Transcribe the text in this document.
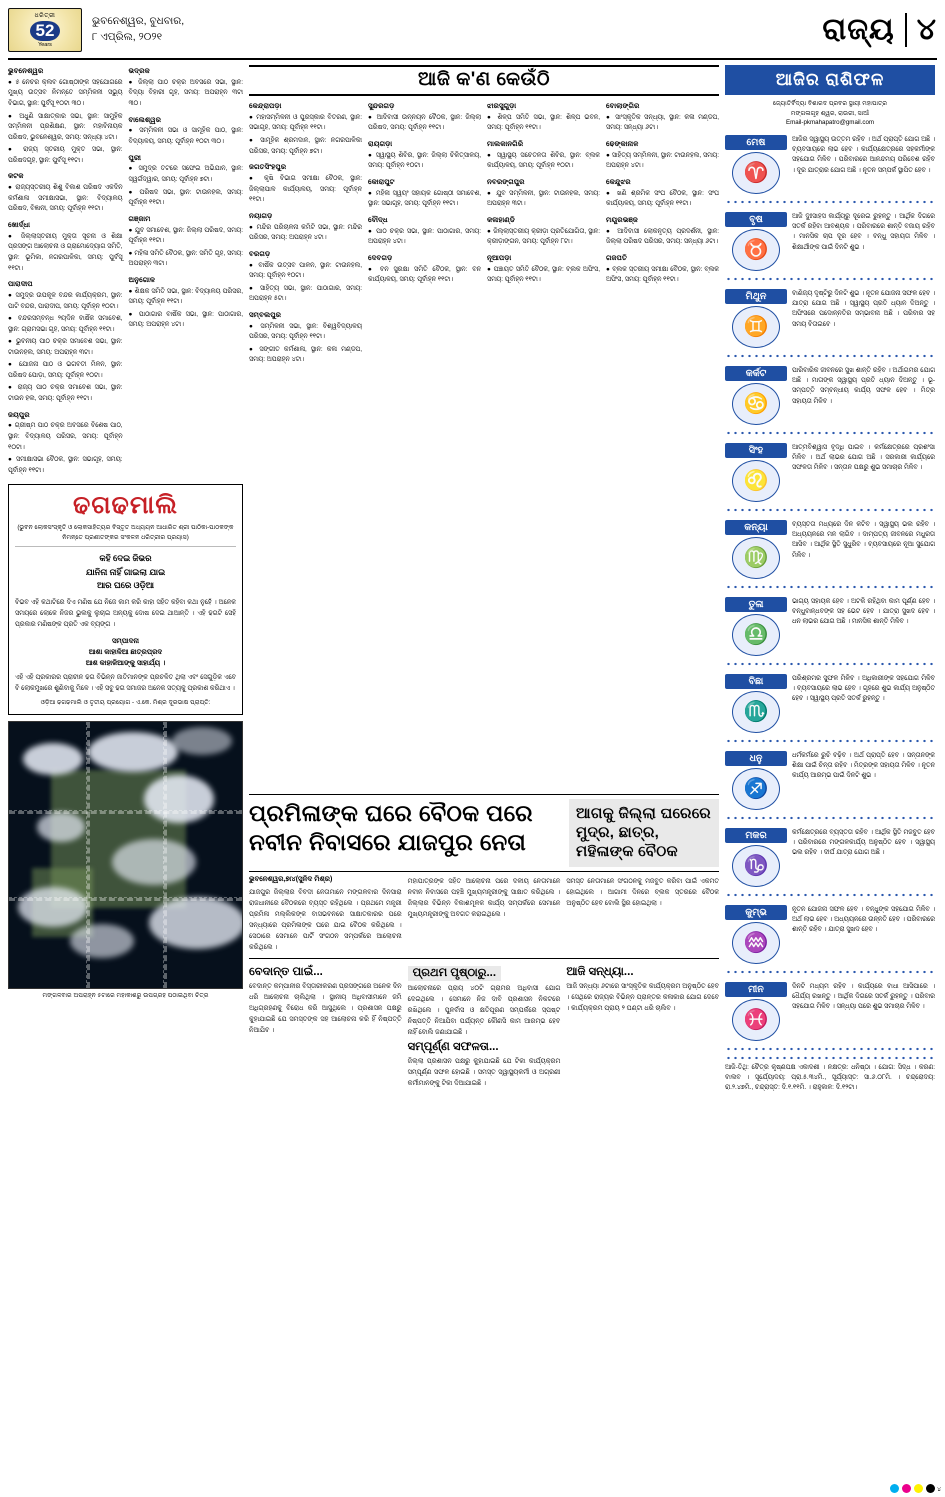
ଧରିତ୍ରୀ
52
Years
ଭୁବନେଶ୍ୱର, ବୁଧବାର,
୮ ଏପ୍ରିଲ, ୨୦୨୧	ରାଜ୍ୟ ୪
ଭୁବନେଶ୍ୱର
● ୫ ନେଚର କ୍ଲବ ଗୋଷ୍ଠୀଙ୍କ ସହଯୋଗରେ ମୁଖ୍ୟ ଉତ୍ସବ ନିମନ୍ତେ ସମ୍ମିଳନୀ ସଭ୍ୟୁ ବିଭାଗ, ସ୍ଥାନ: ପୁର୍ବସୂ ୧୦ଟା ୩୦।
● ଅଧୁଣି ସାକ୍ଷାତ୍କାର ସଭା, ସ୍ଥାନ: ସାମୁହିକ ସମ୍ମିଳନୀ ପ୍ରଶିକ୍ଷଣ, ସ୍ଥାନ: ମହାବିନାୟକ ପରିଷଦ, ଭୁବନେଶ୍ୱର, ସମୟ: ସନ୍ଧ୍ୟା ୪ଟା।
● ରାଜ୍ୟ ସ୍ତରୀୟ ମୁକ୍ତ ସଭା, ସ୍ଥାନ: ପରିଷଦଗୃହ, ସ୍ଥାନ: ପୁର୍ବସୂ ୧୧ଟା।
କଟକ
● ରାଜ୍ୟସ୍ତରୀୟ ଶିଶୁ ବିକାଶ ପରିଷଦ ଏକଦିନ କର୍ମଶାଳା ସମୀକ୍ଷାସଭା, ସ୍ଥାନ: ବିଦ୍ୟାଳୟ ପରିଷଦ, ବିଜ୍ଞାନୀ, ସମୟ: ପୂର୍ବାହ୍ନ ୧୧ଟା।
ଖୋର୍ଦ୍ଧା
● ଜିଲ୍ଲାସ୍ତରୀୟ ମୁକ୍ତା ସୂଚନା ଓ ଶିକ୍ଷା ପ୍ରସଙ୍ଗ ଆଲୋଚନା ଓ ଗ୍ରାମୋଦ୍ୟୋଗ ସମିତି, ସ୍ଥାନ: ଭୂମିକା, ନଗରପାଳିକା, ସମୟ: ପୁର୍ବସୂ ୧୧ଟା।
ପାରାଦୀପ
● ସମୁଦ୍ର ଉପକୂଳ ବନ୍ଦର କାର୍ଯ୍ୟକ୍ରମ, ସ୍ଥାନ: ପାଟି ବନ୍ଦର, ପାରାଦୀପ, ସମୟ: ପୂର୍ବାହ୍ନ ୧୦ଟା।
● ବନ୍ଦରସମ୍ବନ୍ଧ ୨ୟଦିନ ବାର୍ଷିକ ସମାବେଶ, ସ୍ଥାନ: ଗ୍ରାମସଭା ଗୃହ, ସମୟ: ପୂର୍ବାହ୍ନ ୧୧ଟା।
● ଭୁବନୀୟ ପାଠ ଚକ୍ର ସମାବେଶ ସଭା, ସ୍ଥାନ: ଟାଉନହଲ, ସମୟ: ଅପରାହ୍ନ ୩ଟା।
● ଯୋଜନା ପାଠ ଓ ଭଗବତୀ ମିଳନ, ସ୍ଥାନ: ପରିଷଦ ପୋଡ଼ା, ସମୟ: ପୂର୍ବାହ୍ନ ୧୦ଟା।
● ରାଜ୍ୟ ପାଠ ଚକ୍ର ସମାବେଶ ସଭା, ସ୍ଥାନ: ଟାଉନ ହଲ, ସମୟ: ପୂର୍ବାହ୍ନ ୧୧ଟା।
ଜୟପୁର
● ଗ୍ରୀଷ୍ମ ପାଠ ଚକ୍ର ଅବସରେ ବିଶେଷ ପାଠ, ସ୍ଥାନ: ବିଦ୍ୟାଳୟ ପରିସର, ସମୟ: ପୂର୍ବାହ୍ନ ୧୦ଟା।
● ସମୀକ୍ଷାସଭା ବୈଠକ, ସ୍ଥାନ: ସଭାଗୃହ, ସମୟ: ପୂର୍ବାହ୍ନ ୧୧ଟା।
ଭଦ୍ରକ
● ଜିଲ୍ଲା ପାଠ ଚକ୍ର ଅବସରେ ସଭା, ସ୍ଥାନ: ବିଦ୍ୟା ବିହାରୀ ଗୃହ, ସମୟ: ଅପରାହ୍ନ ୩ଟା ୩୦।
ବାଲେଶ୍ୱର
● ସମ୍ମିଳନୀ ସଭା ଓ ସାମୂହିକ ପାଠ, ସ୍ଥାନ: ବିଦ୍ୟାଳୟ, ସମୟ: ପୂର୍ବାହ୍ନ ୧୦ଟା ୩୦।
ପୁରୀ
● ସମୁଦ୍ର ତଟରେ ସଫେଇ ଅଭିଯାନ, ସ୍ଥାନ: ସ୍ୱର୍ଗଦ୍ୱାର, ସମୟ: ପୂର୍ବାହ୍ନ ୭ଟା।
● ପରିଷଦ ସଭା, ସ୍ଥାନ: ଟାଉନହଲ, ସମୟ: ପୂର୍ବାହ୍ନ ୧୧ଟା।
ଗଞ୍ଜାମ
● ଯୁବ ସମାବେଶ, ସ୍ଥାନ: ଜିଲ୍ଲା ପରିଷଦ, ସମୟ: ପୂର୍ବାହ୍ନ ୧୧ଟା।
● ମହିଳା ସମିତି ବୈଠକ, ସ୍ଥାନ: ସମିତି ଗୃହ, ସମୟ: ଅପରାହ୍ନ ୩ଟା।
ଅନୁଗୋଳ
● ଶିକ୍ଷକ ସମିତି ସଭା, ସ୍ଥାନ: ବିଦ୍ୟାଳୟ ପରିସର, ସମୟ: ପୂର୍ବାହ୍ନ ୧୧ଟା।
● ପାଠାଗାର ବାର୍ଷିକ ସଭା, ସ୍ଥାନ: ପାଠାଗାର, ସମୟ: ଅପରାହ୍ନ ୪ଟା।
ଢଗଢମାଲି
(ଭୁବନ ଲୋକସଂସ୍କୃତି ଓ ଲୋକସାହିତ୍ୟର ବିସ୍ତୃତ ଅଧ୍ୟୟନ ଆଧାରିତ ଶ୍ରୀ ପାଠିକା-ପାଠକଙ୍କ ନିମନ୍ତେ ପ୍ରଣୀତଙ୍କର ସଂକଳନ ଧରିତ୍ରୀର ପ୍ରୟାସ)
କହି ଦେଇ ଜିଭର
ଯାନିନା ନାହିଁ ଗାଇଲା ଯାଇ
ଆର ଘରେ ଓଡ଼ିଆ
ବିଭବ ଏହି କଥାଟିରେ ଦିଏ ମଣିଷ ଯେ ନିଜେ କାମ କରି କାହା ସହିତ କହିବା କଥା ନୁହେଁ । ଅନେକ ସମୟରେ ଲୋକେ ନିଜର ଭୁଲକୁ ଲୁଚାଇ ଅନ୍ୟକୁ ଦୋଷ ଦେଇ ଥାଆନ୍ତି । ଏହି ଢଗଟି ସେହି ପ୍ରକାର ମଣିଷଙ୍କ ପ୍ରତି ଏକ ବ୍ୟଙ୍ଗ ।
ସମ୍ପାଦନା
ଆଶା କାହାଳିଆ ଛାତ୍ରପ୍ରଦ
ଆଶ କାହାଳିଆଙ୍କୁ ସାହାର୍ଯ୍ୟ ।
ଏହି ଏହି ପ୍ରକାରର ପ୍ରାଚୀନ ଢଗ ବିଭିନ୍ନ ଜାତିମାନଙ୍କ ପ୍ରଚଳିତ ଥିଲା ଏବଂ ସେଗୁଡ଼ିକ ଏବେ ବି ଲୋକମୁଖରେ ଶୁଣିବାକୁ ମିଳେ । ଏହି ସବୁ ଢଗ ସମାଜର ଅନେକ ସତ୍ୟକୁ ପ୍ରକାଶ କରିଥାଏ ।
ଓଡ଼ିଆ ଢଗଢମାଲି ଓ ତୃତୀୟ ପ୍ରୟୋଗ - ଏ.କେ. ମିଶ୍ର ଦୂରଭାଷ ପ୍ରାପ୍ତି:
ମଙ୍ଗଳବାର ଅପରାହ୍ନ ୫ଟାରେ ମହାକାଶରୁ ଉପଗ୍ରହ ପଠାଇଥିବା ଚିତ୍ର
ଆଜି କ'ଣ କେଉଁଠି
କେନ୍ଦ୍ରାପଡ଼ା
● ମହାସମ୍ମିଳନୀ ଓ ପୁରସ୍କାର ବିତରଣ, ସ୍ଥାନ: ସଭାଗୃହ, ସମୟ: ପୂର୍ବାହ୍ନ ୧୧ଟା।
● ସାମୂହିକ ଶ୍ରମଦାନ, ସ୍ଥାନ: ନଗରପାଳିକା ପରିସର, ସମୟ: ପୂର୍ବାହ୍ନ ୭ଟା।
ଜଗତସିଂହପୁର
● କୃଷି ବିଭାଗ ସମୀକ୍ଷା ବୈଠକ, ସ୍ଥାନ: ଜିଲ୍ଲାପାଳ କାର୍ଯ୍ୟାଳୟ, ସମୟ: ପୂର୍ବାହ୍ନ ୧୧ଟା।
ନୟାଗଡ଼
● ମନ୍ଦିର ପରିଚାଳନା କମିଟି ସଭା, ସ୍ଥାନ: ମନ୍ଦିର ପରିସର, ସମୟ: ଅପରାହ୍ନ ୪ଟା।
ବରଗଡ଼
● ବାର୍ଷିକ ଉତ୍ସବ ପାଳନ, ସ୍ଥାନ: ଟାଉନହଲ, ସମୟ: ପୂର୍ବାହ୍ନ ୧୦ଟା।
● ସାହିତ୍ୟ ସଭା, ସ୍ଥାନ: ପାଠାଗାର, ସମୟ: ଅପରାହ୍ନ ୫ଟା।
ସମ୍ବଲପୁର
● ସମ୍ମିଳନୀ ସଭା, ସ୍ଥାନ: ବିଶ୍ୱବିଦ୍ୟାଳୟ ପରିସର, ସମୟ: ପୂର୍ବାହ୍ନ ୧୧ଟା।
● ସଙ୍ଗୀତ କର୍ମଶାଳା, ସ୍ଥାନ: କଳା ମଣ୍ଡପ, ସମୟ: ଅପରାହ୍ନ ୪ଟା।
ସୁନ୍ଦରଗଡ଼
● ଆଦିବାସୀ ଉନ୍ନୟନ ବୈଠକ, ସ୍ଥାନ: ଜିଲ୍ଲା ପରିଷଦ, ସମୟ: ପୂର୍ବାହ୍ନ ୧୧ଟା।
ରାୟଗଡ଼ା
● ସ୍ୱାସ୍ଥ୍ୟ ଶିବିର, ସ୍ଥାନ: ଜିଲ୍ଲା ଚିକିତ୍ସାଳୟ, ସମୟ: ପୂର୍ବାହ୍ନ ୧୦ଟା।
କୋରାପୁଟ
● ମହିଳା ସ୍ୱୟଂ ସହାୟକ ଗୋଷ୍ଠୀ ସମାବେଶ, ସ୍ଥାନ: ସଭାଗୃହ, ସମୟ: ପୂର୍ବାହ୍ନ ୧୧ଟା।
ବୌଦ୍ଧ
● ପାଠ ଚକ୍ର ସଭା, ସ୍ଥାନ: ପାଠାଗାର, ସମୟ: ଅପରାହ୍ନ ୪ଟା।
ଦେବଗଡ଼
● ବନ ସୁରକ୍ଷା ସମିତି ବୈଠକ, ସ୍ଥାନ: ବନ କାର୍ଯ୍ୟାଳୟ, ସମୟ: ପୂର୍ବାହ୍ନ ୧୧ଟା।
ଝାରସୁଗୁଡ଼ା
● ଶିଳ୍ପ ସମିତି ସଭା, ସ୍ଥାନ: ଶିଳ୍ପ ଭବନ, ସମୟ: ପୂର୍ବାହ୍ନ ୧୧ଟା।
ମାଲକାନଗିରି
● ସ୍ୱାସ୍ଥ୍ୟ ସଚେତନତା ଶିବିର, ସ୍ଥାନ: ବ୍ଲକ କାର୍ଯ୍ୟାଳୟ, ସମୟ: ପୂର୍ବାହ୍ନ ୧୦ଟା।
ନବରଙ୍ଗପୁର
● ଯୁବ ସମ୍ମିଳନୀ, ସ୍ଥାନ: ଟାଉନହଲ, ସମୟ: ଅପରାହ୍ନ ୩ଟା।
କଳାହାଣ୍ଡି
● ଜିଲ୍ଲାସ୍ତରୀୟ କ୍ରୀଡ଼ା ପ୍ରତିଯୋଗିତା, ସ୍ଥାନ: କ୍ରୀଡ଼ାଙ୍ଗନ, ସମୟ: ପୂର୍ବାହ୍ନ ୮ଟା।
ନୂଆପଡ଼ା
● ପଞ୍ଚାୟତ ସମିତି ବୈଠକ, ସ୍ଥାନ: ବ୍ଲକ ଅଫିସ, ସମୟ: ପୂର୍ବାହ୍ନ ୧୧ଟା।
ବୋଲାଙ୍ଗିର
● ସାଂସ୍କୃତିକ ସନ୍ଧ୍ୟା, ସ୍ଥାନ: କଳା ମଣ୍ଡପ, ସମୟ: ସନ୍ଧ୍ୟା ୬ଟା।
ଢେଙ୍କାନାଳ
● ସାହିତ୍ୟ ସମ୍ମିଳନୀ, ସ୍ଥାନ: ଟାଉନହଲ, ସମୟ: ଅପରାହ୍ନ ୪ଟା।
କେନ୍ଦୁଝର
● ଖଣି ଶ୍ରମିକ ସଂଘ ବୈଠକ, ସ୍ଥାନ: ସଂଘ କାର୍ଯ୍ୟାଳୟ, ସମୟ: ପୂର୍ବାହ୍ନ ୧୧ଟା।
ମୟୂରଭଞ୍ଜ
● ଆଦିବାସୀ ଲୋକନୃତ୍ୟ ପ୍ରଦର୍ଶନୀ, ସ୍ଥାନ: ଜିଲ୍ଲା ପରିଷଦ ପରିସର, ସମୟ: ସନ୍ଧ୍ୟା ୬ଟା।
ଗଜପତି
● ବ୍ଲକ ସ୍ତରୀୟ ସମୀକ୍ଷା ବୈଠକ, ସ୍ଥାନ: ବ୍ଲକ ଅଫିସ, ସମୟ: ପୂର୍ବାହ୍ନ ୧୧ଟା।
ପ୍ରମିଳାଙ୍କ ଘରେ ବୈଠକ ପରେ ନବୀନ ନିବାସରେ ଯାଜପୁର ନେତା
ଆଗକୁ ଜିଲ୍ଲା ଘରେରେ ମୁଦ୍ର, ଛାତ୍ର, ମହିଳାଙ୍କ ବୈଠକ
ଭୁବନେଶ୍ୱର,୭ା୪(ସୁନିଦ ମିଶ୍ର)
ଯାଜପୁର ଜିଲ୍ଲାର ବିବଦୀ ନେତାମାନେ ମଙ୍ଗଳବାର ଦିନସାରା ରାଜଧାନୀରେ ବୈଠକରେ ବ୍ୟସ୍ତ ରହିଥିଲେ । ପ୍ରଥମେ ମନ୍ତ୍ରୀ ପ୍ରମିଳା ମଲ୍ଲିକଙ୍କ ବାସଭବନରେ ସାକ୍ଷାତକାରର ପରେ ସନ୍ଧ୍ୟାରେ ପ୍ରମିଳାଙ୍କ ଘରେ ଯାଇ ବୈଠକ କରିଥିଲେ । ସେଠାରେ ସେମାନେ ପାର୍ଟି ସଂଗଠନ ସମ୍ପର୍କରେ ଆଲୋଚନା କରିଥିଲେ ।
ମହାପାତ୍ରଙ୍କ ସହିତ ଆଲୋଚନା ପରେ ଦଳୀୟ ନେତାମାନେ ନବୀନ ନିବାସରେ ପହଞ୍ଚି ମୁଖ୍ୟମନ୍ତ୍ରୀଙ୍କୁ ସାକ୍ଷାତ କରିଥିଲେ । ଜିଲ୍ଲାର ବିଭିନ୍ନ ବିକାଶମୂଳକ କାର୍ଯ୍ୟ ସମ୍ପର୍କରେ ସେମାନେ ମୁଖ୍ୟମନ୍ତ୍ରୀଙ୍କୁ ଅବଗତ କରାଇଥିଲେ ।
ସମସ୍ତ ନେତାମାନେ ସଂଗଠନକୁ ମଜବୁତ କରିବା ପାଇଁ ଏକମତ ହୋଇଥିଲେ । ଆଗାମୀ ଦିନରେ ବ୍ଲକ ସ୍ତରରେ ବୈଠକ ଅନୁଷ୍ଠିତ ହେବ ବୋଲି ସ୍ଥିର ହୋଇଥିଲା ।
ବେଦାନ୍ତ ପାଇଁ...
ବେଦାନ୍ତ କମ୍ପାନୀର ବିସ୍ତାରୀକରଣ ପ୍ରସଙ୍ଗରେ ଅନେକ ଦିନ ଧରି ଆଲୋଚନା ଚାଲିଥିଲା । ସ୍ଥାନୀୟ ଅଧିବାସୀମାନେ ଜମି ଅଧିଗ୍ରହଣକୁ ବିରୋଧ କରି ଆସୁଥିଲେ । ପ୍ରଶାସନ ପକ୍ଷରୁ କୁହାଯାଇଛି ଯେ ସମସ୍ତଙ୍କ ସହ ଆଲୋଚନା କରି ହିଁ ନିଷ୍ପତ୍ତି ନିଆଯିବ ।
ପ୍ରଥମ ପୃଷ୍ଠାରୁ...
ଆଲୋଚନାରେ ପ୍ରାୟ ୪୦ଟି ଗ୍ରାମର ଅଧିବାସୀ ଯୋଗ ଦେଇଥିଲେ । ସେମାନେ ନିଜ ଦାବି ପ୍ରଶାସନ ନିକଟରେ ରଖିଥିଲେ । ପୁନର୍ବାସ ଓ କ୍ଷତିପୂରଣ ସମ୍ପର୍କରେ ସ୍ପଷ୍ଟ ନିଷ୍ପତ୍ତି ନିଆଯିବା ପର୍ଯ୍ୟନ୍ତ କୌଣସି କାମ ଆରମ୍ଭ ହେବ ନାହିଁ ବୋଲି ଜଣାଯାଇଛି ।
ସମ୍ପୂର୍ଣ୍ଣ ସଫଳତା...
ଜିଲ୍ଲା ପ୍ରଶାସନ ପକ୍ଷରୁ କୁହାଯାଇଛି ଯେ ଟିକା କାର୍ଯ୍ୟକ୍ରମ ସମ୍ପୂର୍ଣ୍ଣ ସଫଳ ହୋଇଛି । ସମସ୍ତ ସ୍ୱାସ୍ଥ୍ୟକର୍ମୀ ଓ ଅଗ୍ରଣୀ କର୍ମୀମାନଙ୍କୁ ଟିକା ଦିଆଯାଇଛି ।
ଆଜି ସନ୍ଧ୍ୟା...
ଆଜି ସନ୍ଧ୍ୟା ୬ଟାରେ ସାଂସ୍କୃତିକ କାର୍ଯ୍ୟକ୍ରମ ଅନୁଷ୍ଠିତ ହେବ । ସେଥିରେ ରାଜ୍ୟର ବିଭିନ୍ନ ପ୍ରାନ୍ତର କଳାକାର ଯୋଗ ଦେବେ । କାର୍ଯ୍ୟକ୍ରମ ପ୍ରାୟ ୨ ଘଣ୍ଟା ଧରି ଚାଲିବ ।
ଆଜିର ରାଶିଫଳ
ଜ୍ୟୋତିର୍ବିଦ୍ୟା ବିଶାରଦ ପ୍ରବର ସ୍ଥାୟୀ ମହାପାତ୍ର
ମଙ୍ଗଳାଗୃହ ଶ୍ୱର, ରାଉରୀ, ସାଆଁ
Email-pkmahapatro@gmail.com
ମେଷ
♈
ଆଜିର ସ୍ୱାସ୍ଥ୍ୟ ଉତ୍ତମ ରହିବ । ଅର୍ଥ ପ୍ରାପ୍ତି ଯୋଗ ଅଛି । ବ୍ୟବସାୟରେ ଲାଭ ହେବ । କାର୍ଯ୍ୟକ୍ଷେତ୍ରରେ ସହକର୍ମୀଙ୍କ ସହଯୋଗ ମିଳିବ । ପରିବାରରେ ଆନନ୍ଦମୟ ପରିବେଶ ରହିବ । ଦୂର ଯାତ୍ରାର ଯୋଗ ଅଛି । ନୂତନ ସମ୍ପର୍କ ସ୍ଥାପିତ ହେବ ।
ବୃଷ
♉
ଆଜି ଦୁଃସାହସ କାର୍ଯ୍ୟରୁ ଦୂରେଇ ରୁହନ୍ତୁ । ଆର୍ଥିକ ଦିଗରେ ସତର୍କ ରହିବା ଆବଶ୍ୟକ । ପରିବାରରେ ଶାନ୍ତି ବଜାୟ ରହିବ । ମାନସିକ ଚାପ ଦୂର ହେବ । ବନ୍ଧୁ ସହାୟତା ମିଳିବ । ଶିକ୍ଷାର୍ଥୀଙ୍କ ପାଇଁ ଦିନଟି ଶୁଭ ।
ମିଥୁନ
♊
ବାଣିଜ୍ୟ ଦୃଷ୍ଟିରୁ ଦିନଟି ଶୁଭ । ନୂତନ ଯୋଜନା ସଫଳ ହେବ । ଯାତ୍ରା ଯୋଗ ଅଛି । ସ୍ୱାସ୍ଥ୍ୟ ପ୍ରତି ଧ୍ୟାନ ଦିଅନ୍ତୁ । ଅଫିସରେ ପଦୋନ୍ନତିର ସମ୍ଭାବନା ଅଛି । ପରିବାର ସହ ସମୟ ବିତାଇବେ ।
କର୍କଟ
♋
ପାରିବାରିକ ଜୀବନରେ ସୁଖ ଶାନ୍ତି ରହିବ । ଅର୍ଥାଗମର ଯୋଗ ଅଛି । ମାତାଙ୍କ ସ୍ୱାସ୍ଥ୍ୟ ପ୍ରତି ଧ୍ୟାନ ଦିଅନ୍ତୁ । ଭୂ-ସମ୍ପତ୍ତି ସମ୍ବନ୍ଧୀୟ କାର୍ଯ୍ୟ ସଫଳ ହେବ । ମିତ୍ର ସହାୟତା ମିଳିବ ।
ସିଂହ
♌
ଆତ୍ମବିଶ୍ୱାସ ବୃଦ୍ଧି ପାଇବ । କର୍ମକ୍ଷେତ୍ରରେ ପ୍ରଶଂସା ମିଳିବ । ଅର୍ଥ ଲାଭର ଯୋଗ ଅଛି । ସରକାରୀ କାର୍ଯ୍ୟରେ ସଫଳତା ମିଳିବ । ସନ୍ତାନ ପକ୍ଷରୁ ଶୁଭ ସମାଚାର ମିଳିବ ।
କନ୍ୟା
♍
ବ୍ୟସ୍ତତା ମଧ୍ୟରେ ଦିନ କଟିବ । ସ୍ୱାସ୍ଥ୍ୟ ଭଲ ରହିବ । ଅଧ୍ୟୟନରେ ମନ ଲାଗିବ । ଦାମ୍ପତ୍ୟ ଜୀବନରେ ମଧୁରତା ଆସିବ । ଆର୍ଥିକ ସ୍ଥିତି ସୁଧୁରିବ । ବ୍ୟବସାୟରେ ନୂଆ ସୁଯୋଗ ମିଳିବ ।
ତୁଳା
♎
ଭାଗ୍ୟ ସହାୟକ ହେବ । ଅଟକି ରହିଥିବା କାମ ପୂର୍ଣ୍ଣ ହେବ । ବନ୍ଧୁବାନ୍ଧବଙ୍କ ସହ ଭେଟ ହେବ । ଯାତ୍ରା ସୁଖଦ ହେବ । ଧନ ଲାଭର ଯୋଗ ଅଛି । ମାନସିକ ଶାନ୍ତି ମିଳିବ ।
ବିଛା
♏
ପରିଶ୍ରମର ସୁଫଳ ମିଳିବ । ଅଧିକାରୀଙ୍କ ସହଯୋଗ ମିଳିବ । ବ୍ୟବସାୟରେ ଲାଭ ହେବ । ଗୃହରେ ଶୁଭ କାର୍ଯ୍ୟ ଅନୁଷ୍ଠିତ ହେବ । ସ୍ୱାସ୍ଥ୍ୟ ପ୍ରତି ସତର୍କ ରୁହନ୍ତୁ ।
ଧନୁ
♐
ଧର୍ମକର୍ମରେ ରୁଚି ବଢ଼ିବ । ଅର୍ଥ ପ୍ରାପ୍ତି ହେବ । ସନ୍ତାନଙ୍କ ଶିକ୍ଷା ପାଇଁ ଚିନ୍ତା ରହିବ । ମିତ୍ରଙ୍କ ସହାୟତା ମିଳିବ । ନୂତନ କାର୍ଯ୍ୟ ଆରମ୍ଭ ପାଇଁ ଦିନଟି ଶୁଭ ।
ମକର
♑
କର୍ମକ୍ଷେତ୍ରରେ ବ୍ୟସ୍ତତା ରହିବ । ଆର୍ଥିକ ସ୍ଥିତି ମଜବୁତ ହେବ । ପରିବାରରେ ମଙ୍ଗଳକାର୍ଯ୍ୟ ଅନୁଷ୍ଠିତ ହେବ । ସ୍ୱାସ୍ଥ୍ୟ ଭଲ ରହିବ । ଦୀର୍ଘ ଯାତ୍ରା ଯୋଗ ଅଛି ।
କୁମ୍ଭ
♒
ନୂତନ ଯୋଜନା ସଫଳ ହେବ । ବନ୍ଧୁଙ୍କ ସହଯୋଗ ମିଳିବ । ଅର୍ଥ ଲାଭ ହେବ । ଅଧ୍ୟୟନରେ ଉନ୍ନତି ହେବ । ପରିବାରରେ ଶାନ୍ତି ରହିବ । ଯାତ୍ରା ସୁଖଦ ହେବ ।
ମୀନ
♓
ଦିନଟି ମଧ୍ୟମ ରହିବ । କାର୍ଯ୍ୟରେ ବାଧା ଆସିପାରେ । ଧୈର୍ଯ୍ୟ ରଖନ୍ତୁ । ଆର୍ଥିକ ଦିଗରେ ସତର୍କ ରୁହନ୍ତୁ । ପରିବାର ସହଯୋଗ ମିଳିବ । ସନ୍ଧ୍ୟା ପରେ ଶୁଭ ସମାଚାର ମିଳିବ ।
ଆଜି-ତିଥି: ଚୈତ୍ର କୃଷ୍ଣପକ୍ଷ ଏକାଦଶୀ । ନକ୍ଷତ୍ର: ଧନିଷ୍ଠା । ଯୋଗ: ସିଦ୍ଧ । କରଣ: ବାଲବ । ସୂର୍ଯ୍ୟୋଦୟ: ପ୍ରା.୫.୩୪ମି., ସୂର୍ଯ୍ୟାସ୍ତ: ସା.୬.୦୮ମି. । ଚନ୍ଦ୍ରୋଦୟ: ରା.୨.୪୭ମି., ଚନ୍ଦ୍ରାସ୍ତ: ଦି.୧.୧୧ମି. । ରାହୁକାଳ: ଦି.୧୨ଟା।
୪
